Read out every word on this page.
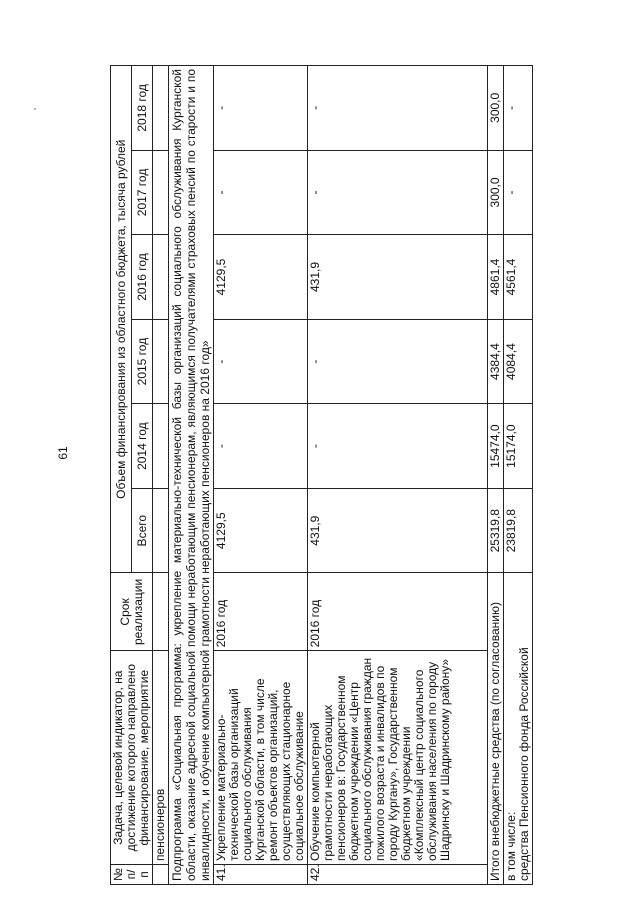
61
№ п/п	Задача, целевой индикатор, на достижение которого направлено финансирование, мероприятие	Срок реализации	Объем финансирования из областного бюджета, тысяча рублей					
			Всего	2014 год	2015 год	2016 год	2017 год	2018 год
	пенсионеров							
Подпрограмма «Социальная программа: укрепление материально-технической базы организаций социального обслуживания Курганской области, оказание адресной социальной помощи неработающим пенсионерам, являющимся получателями страховых пенсий по старости и по инвалидности, и обучение компьютерной грамотности неработающих пенсионеров на 2016 год»								
41.	Укрепление материально-технической базы организаций социального обслуживания Курганской области, в том числе ремонт объектов организаций, осуществляющих стационарное социальное обслуживание	2016 год	4129,5	-	-	4129,5	-	-
42.	Обучение компьютерной грамотности неработающих пенсионеров в: Государственном бюджетном учреждении «Центр социального обслуживания граждан пожилого возраста и инвалидов по городу Кургану», Государственном бюджетном учреждении «Комплексный центр социального обслуживания населения по городу Шадринску и Шадринскому району»	2016 год	431,9	-	-	431,9	-	-
Итого внебюджетные средства (по согласованию)			25319,8	15474,0	4384,4	4861,4	300,0	300,0
в том числе:
средства Пенсионного фонда Российской			23819,8	15174,0	4084,4	4561,4	-	-
